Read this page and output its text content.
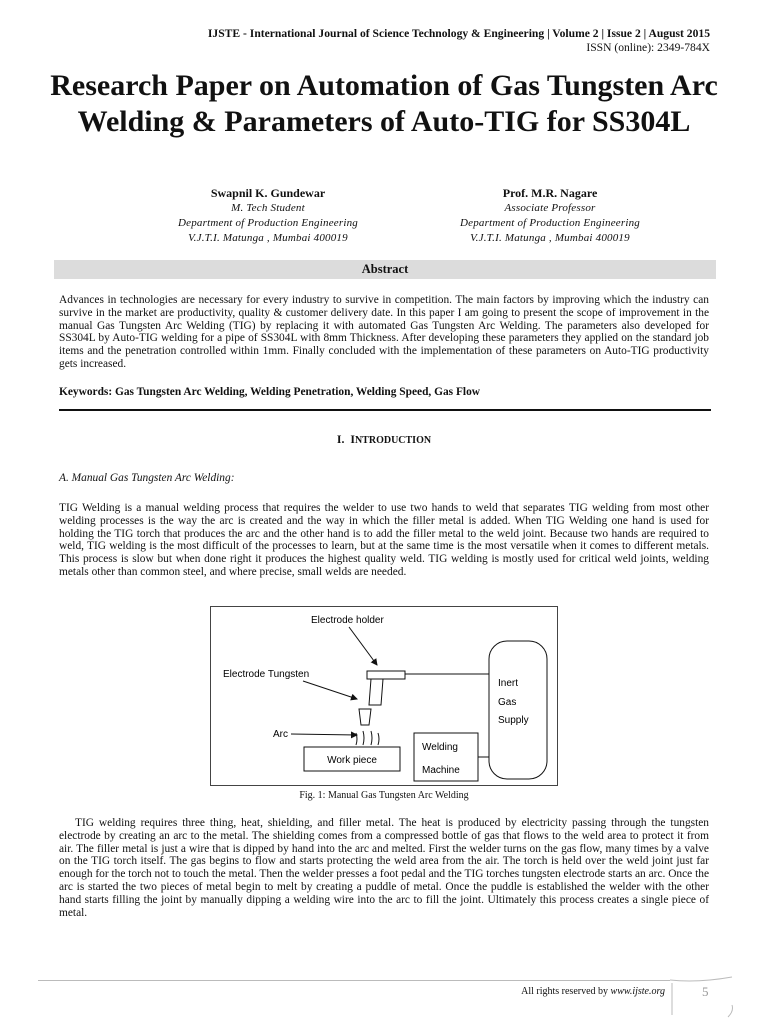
IJSTE - International Journal of Science Technology & Engineering | Volume 2 | Issue 2 | August 2015
ISSN (online): 2349-784X
Research Paper on Automation of Gas Tungsten Arc Welding & Parameters of Auto-TIG for SS304L
Swapnil K. Gundewar
M. Tech Student
Department of Production Engineering
V.J.T.I. Matunga , Mumbai 400019
Prof. M.R. Nagare
Associate Professor
Department of Production Engineering
V.J.T.I. Matunga , Mumbai 400019
Abstract
Advances in technologies are necessary for every industry to survive in competition. The main factors by improving which the industry can survive in the market are productivity, quality & customer delivery date. In this paper I am going to present the scope of improvement in the manual Gas Tungsten Arc Welding (TIG) by replacing it with automated Gas Tungsten Arc Welding. The parameters also developed for SS304L by Auto-TIG welding for a pipe of SS304L with 8mm Thickness. After developing these parameters they applied on the standard job items and the penetration controlled within 1mm. Finally concluded with the implementation of these parameters on Auto-TIG productivity gets increased.
Keywords: Gas Tungsten Arc Welding, Welding Penetration, Welding Speed, Gas Flow
I. INTRODUCTION
A. Manual Gas Tungsten Arc Welding:
TIG Welding is a manual welding process that requires the welder to use two hands to weld that separates TIG welding from most other welding processes is the way the arc is created and the way in which the filler metal is added. When TIG Welding one hand is used for holding the TIG torch that produces the arc and the other hand is to add the filler metal to the weld joint. Because two hands are required to weld, TIG welding is the most difficult of the processes to learn, but at the same time is the most versatile when it comes to different metals. This process is slow but when done right it produces the highest quality weld. TIG welding is mostly used for critical weld joints, welding metals other than common steel, and where precise, small welds are needed.
Electrode holder
Electrode Tungsten
Arc
Work piece
Welding
Machine
Inert
Gas
Supply
Fig. 1: Manual Gas Tungsten Arc Welding
TIG welding requires three thing, heat, shielding, and filler metal. The heat is produced by electricity passing through the tungsten electrode by creating an arc to the metal. The shielding comes from a compressed bottle of gas that flows to the weld area to protect it from air. The filler metal is just a wire that is dipped by hand into the arc and melted. First the welder turns on the gas flow, many times by a valve on the TIG torch itself. The gas begins to flow and starts protecting the weld area from the air. The torch is held over the weld joint just far enough for the torch not to touch the metal. Then the welder presses a foot pedal and the TIG torches tungsten electrode starts an arc. Once the arc is started the two pieces of metal begin to melt by creating a puddle of metal. Once the puddle is established the welder with the other hand starts filling the joint by manually dipping a welding wire into the arc to fill the joint. Ultimately this process creates a single piece of metal.
All rights reserved by www.ijste.org	5
